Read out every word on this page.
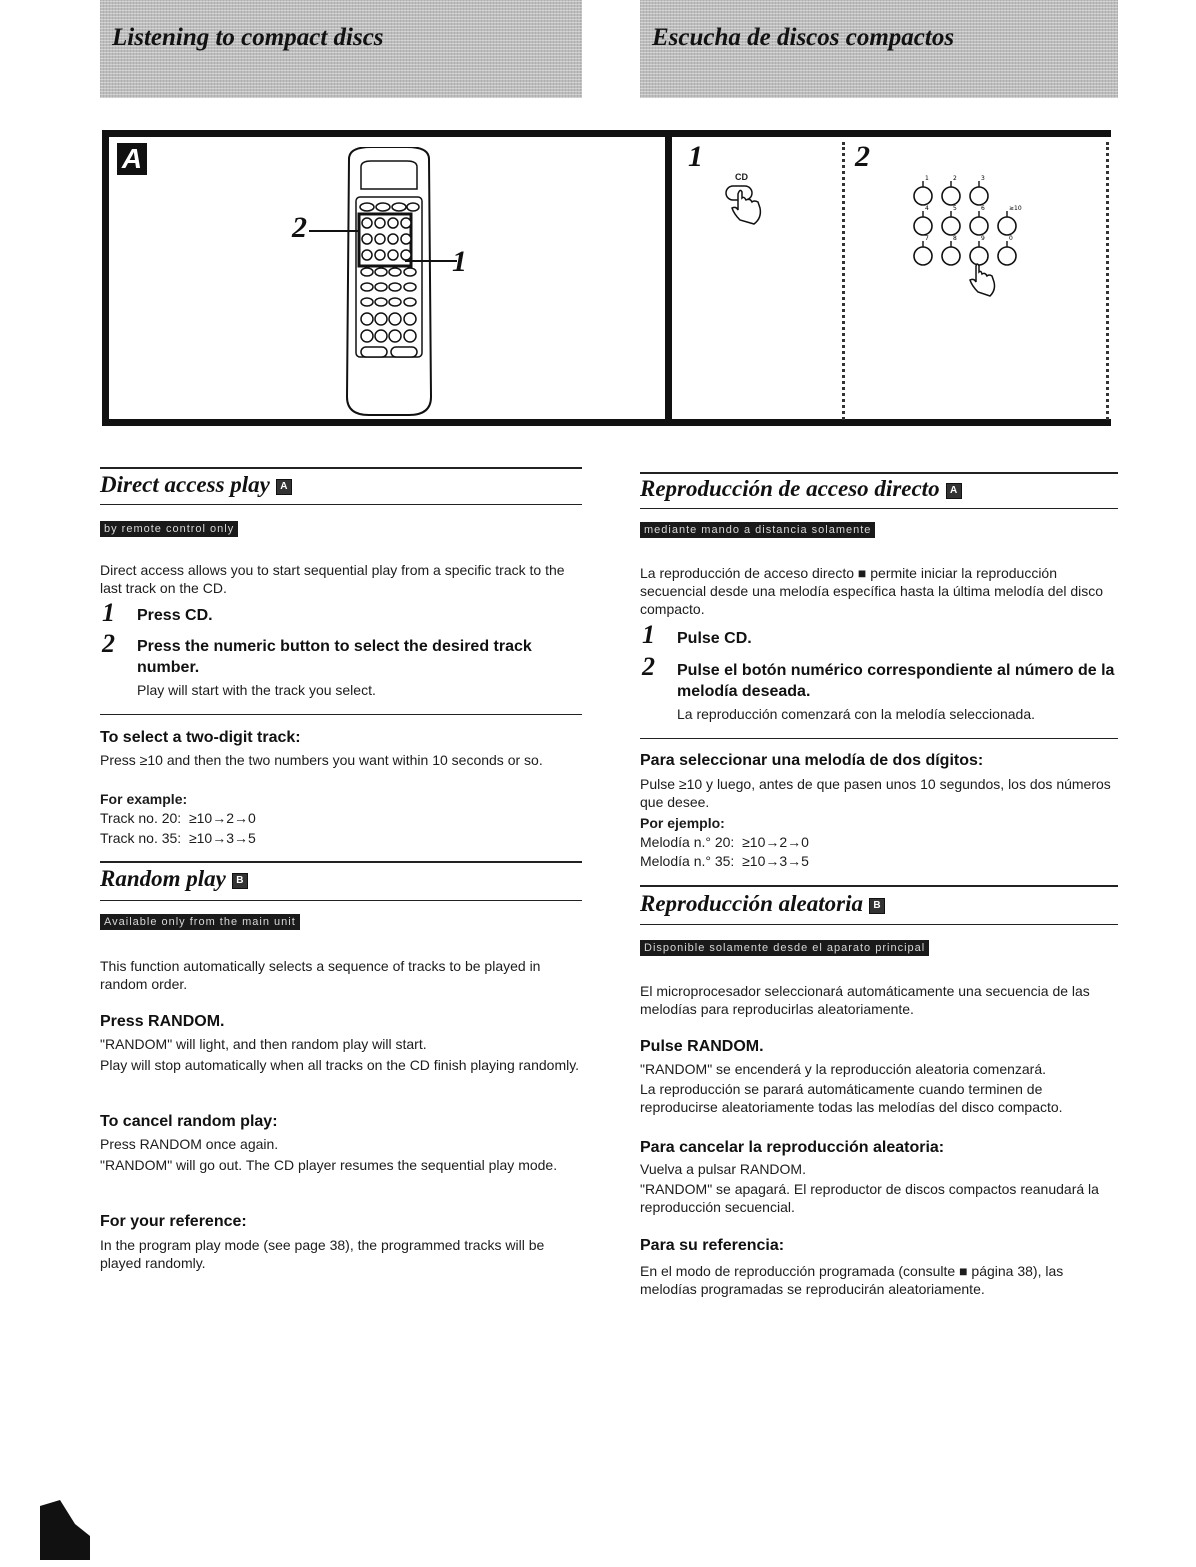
Listening to compact discs	Escucha de discos compactos
A
2
1
1
CD
2
1	2	3
4	5	6	≥10
7	8	9	0
Direct access play A
by remote control only
Direct access allows you to start sequential play from a specific track to the last track on the CD.
1 Press CD.
2 Press the numeric button to select the desired track number.
Play will start with the track you select.
To select a two-digit track:
Press ≥10 and then the two numbers you want within 10 seconds or so.
For example:
Track no. 20:  ≥10→2→0
Track no. 35:  ≥10→3→5
Random play B
Available only from the main unit
This function automatically selects a sequence of tracks to be played in random order.
Press RANDOM.
"RANDOM" will light, and then random play will start.
Play will stop automatically when all tracks on the CD finish playing randomly.
To cancel random play:
Press RANDOM once again.
"RANDOM" will go out. The CD player resumes the sequential play mode.
For your reference:
In the program play mode (see page 38), the programmed tracks will be played randomly.
Reproducción de acceso directo A
mediante mando a distancia solamente
La reproducción de acceso directo ■ permite iniciar la reproducción secuencial desde una melodía específica hasta la última melodía del disco compacto.
1 Pulse CD.
2 Pulse el botón numérico correspondiente al número de la melodía deseada.
La reproducción comenzará con la melodía seleccionada.
Para seleccionar una melodía de dos dígitos:
Pulse ≥10 y luego, antes de que pasen unos 10 segundos, los dos números que desee.
Por ejemplo:
Melodía n.° 20:  ≥10→2→0
Melodía n.° 35:  ≥10→3→5
Reproducción aleatoria B
Disponible solamente desde el aparato principal
El microprocesador seleccionará automáticamente una secuencia de las melodías para reproducirlas aleatoriamente.
Pulse RANDOM.
"RANDOM" se encenderá y la reproducción aleatoria comenzará.
La reproducción se parará automáticamente cuando terminen de reproducirse aleatoriamente todas las melodías del disco compacto.
Para cancelar la reproducción aleatoria:
Vuelva a pulsar RANDOM.
"RANDOM" se apagará. El reproductor de discos compactos reanudará la reproducción secuencial.
Para su referencia:
En el modo de reproducción programada (consulte ■ página 38), las melodías programadas se reproducirán aleatoriamente.
